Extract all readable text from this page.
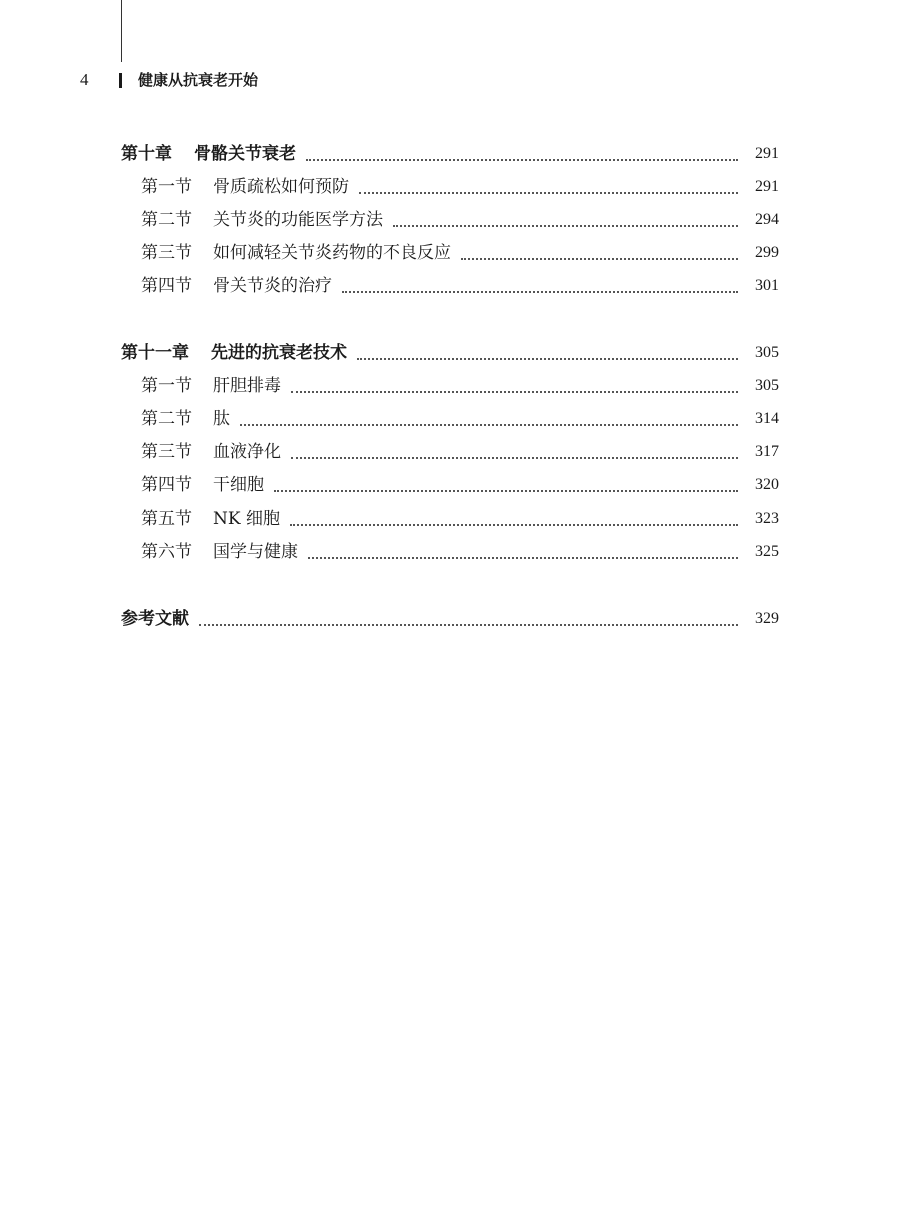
4	健康从抗衰老开始
第十章 骨骼关节衰老	291
第一节 骨质疏松如何预防	291
第二节 关节炎的功能医学方法	294
第三节 如何减轻关节炎药物的不良反应	299
第四节 骨关节炎的治疗	301
第十一章 先进的抗衰老技术	305
第一节 肝胆排毒	305
第二节 肽	314
第三节 血液净化	317
第四节 干细胞	320
第五节 NK 细胞	323
第六节 国学与健康	325
参考文献	329
